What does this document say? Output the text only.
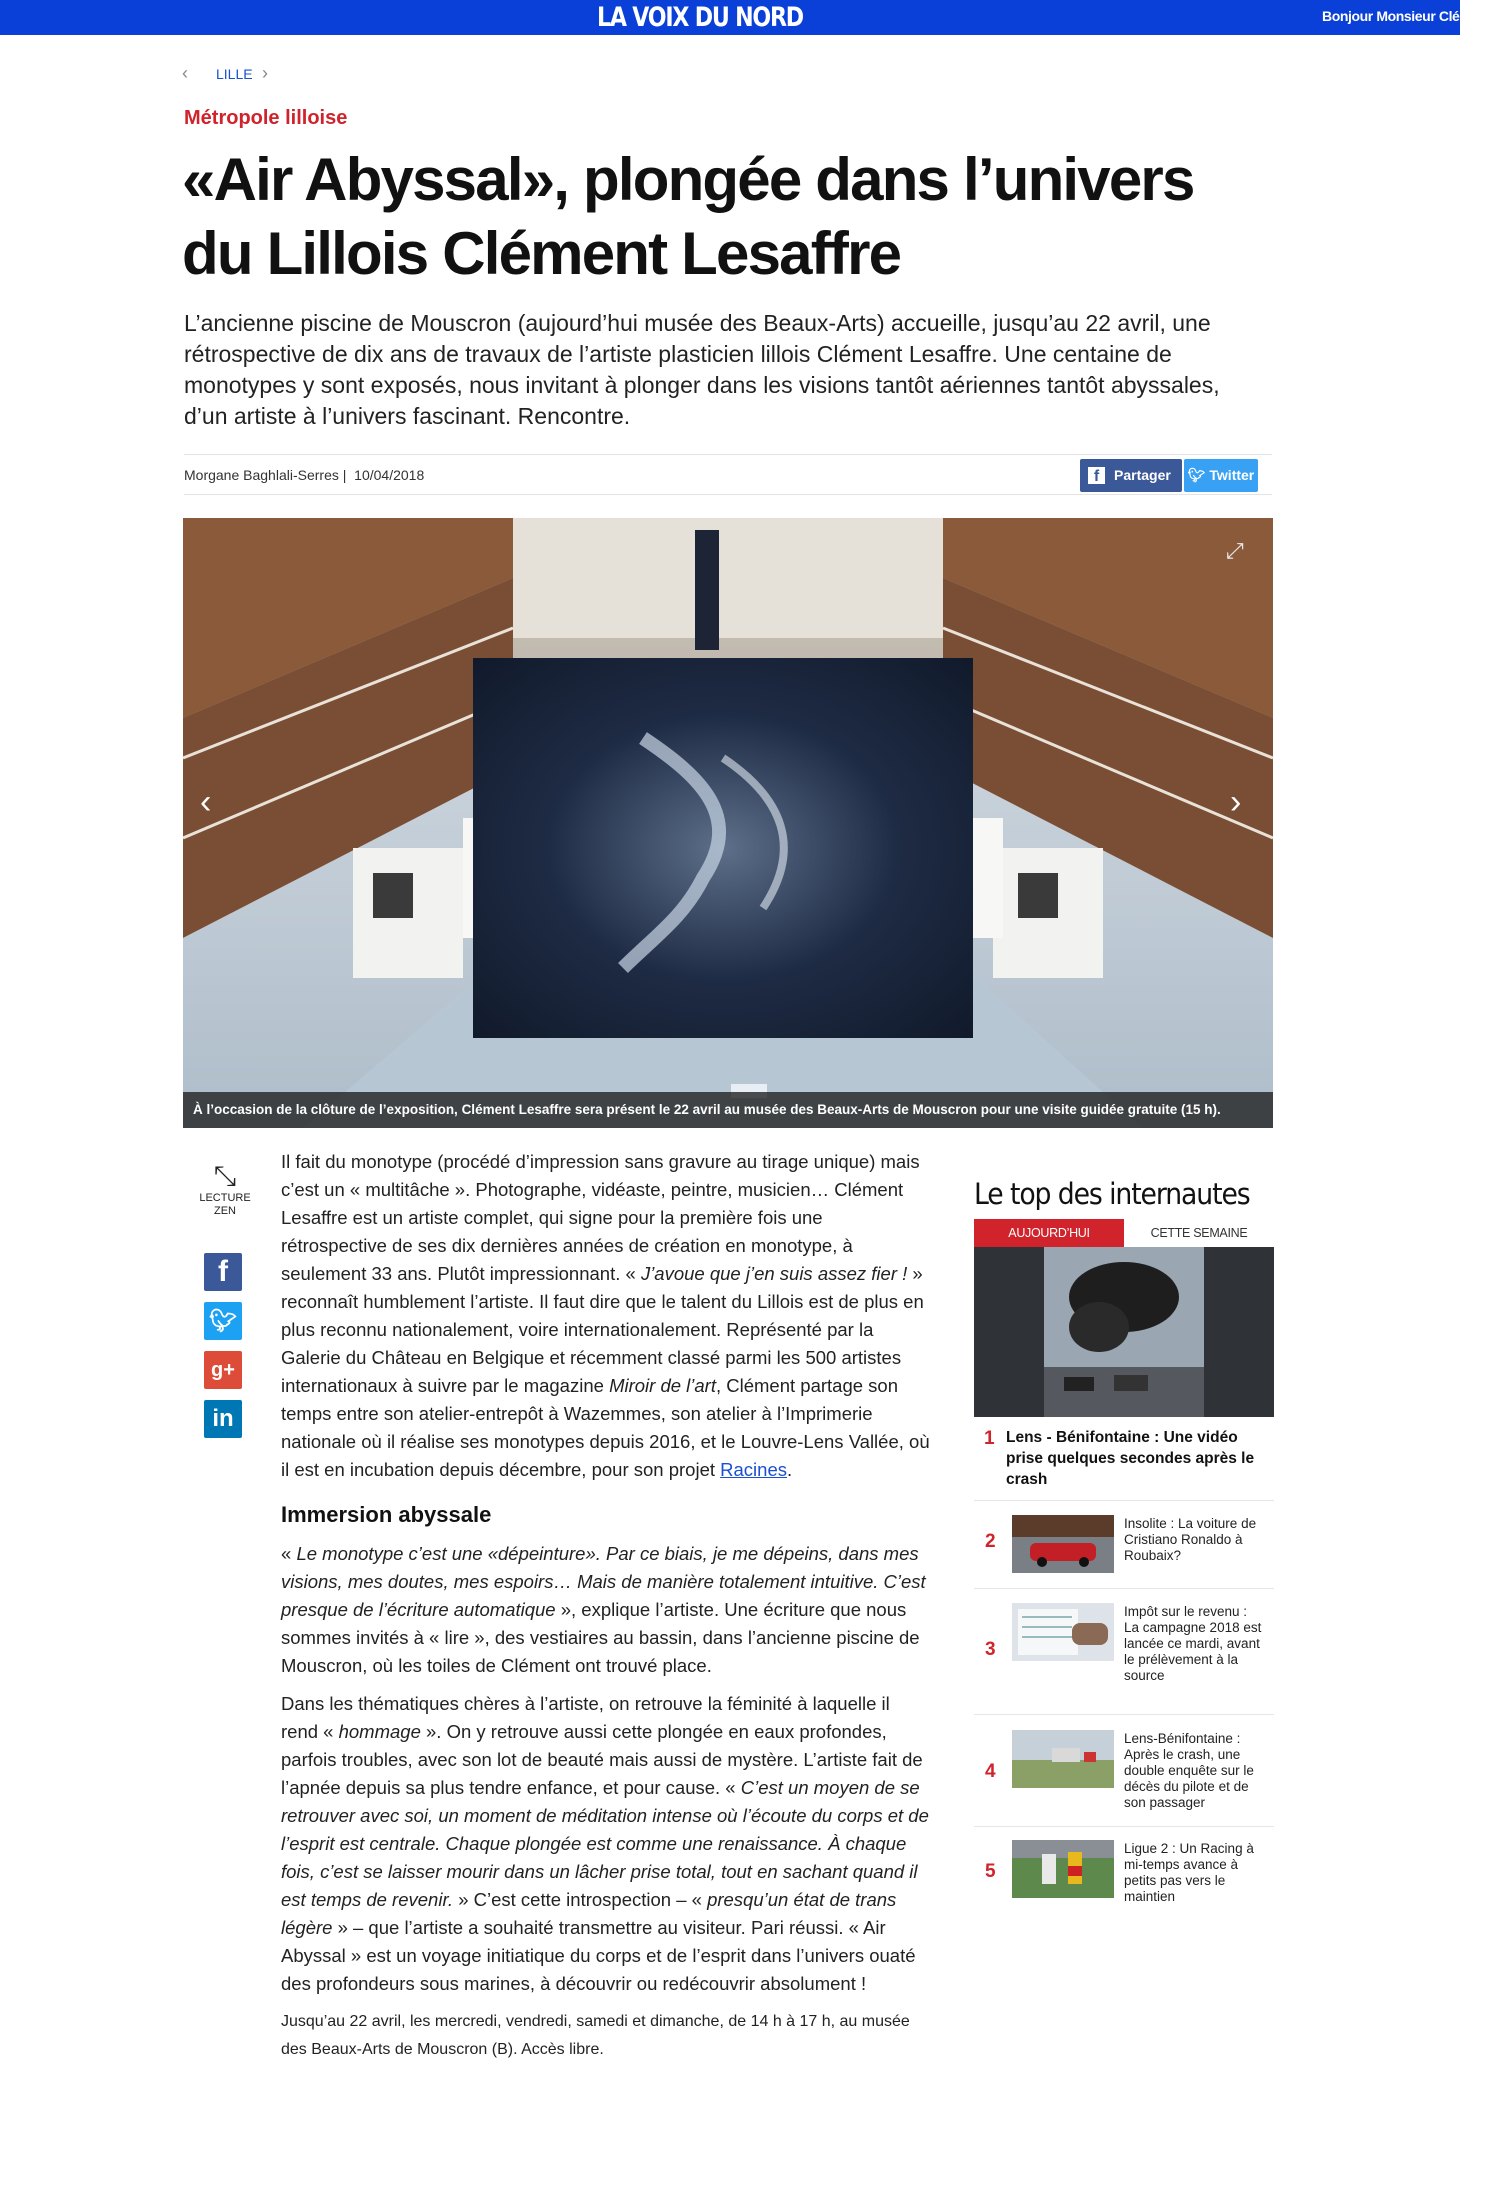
LA VOIX DU NORD	Bonjour Monsieur Clémen
‹	LILLE ›
Métropole lilloise
«Air Abyssal», plongée dans l’univers du Lillois Clément Lesaffre
L’ancienne piscine de Mouscron (aujourd’hui musée des Beaux-Arts) accueille, jusqu’au 22 avril, une rétrospective de dix ans de travaux de l’artiste plasticien lillois Clément Lesaffre. Une centaine de monotypes y sont exposés, nous invitant à plonger dans les visions tantôt aériennes tantôt abyssales, d’un artiste à l’univers fascinant. Rencontre.
Morgane Baghlali-Serres |  10/04/2018	f	Partager 🐦︎ Twitter
‹	›
⤢
À l’occasion de la clôture de l’exposition, Clément Lesaffre sera présent le 22 avril au musée des Beaux-Arts de Mouscron pour une visite guidée gratuite (15 h).
⤡
LECTURE ZEN
f
🐦︎
g+
in

Il fait du monotype (procédé d’impression sans gravure au tirage unique) mais c’est un « multitâche ». Photographe, vidéaste, peintre, musicien… Clément Lesaffre est un artiste complet, qui signe pour la première fois une rétrospective de ses dix dernières années de création en monotype, à seulement 33 ans. Plutôt impressionnant. « J’avoue que j’en suis assez fier ! » reconnaît humblement l’artiste. Il faut dire que le talent du Lillois est de plus en plus reconnu nationalement, voire internationalement. Représenté par la Galerie du Château en Belgique et récemment classé parmi les 500 artistes internationaux à suivre par le magazine Miroir de l’art, Clément partage son temps entre son atelier-entrepôt à Wazemmes, son atelier à l’Imprimerie nationale où il réalise ses monotypes depuis 2016, et le Louvre-Lens Vallée, où il est en incubation depuis décembre, pour son projet Racines.

Immersion abyssale

« Le monotype c’est une «dépeinture». Par ce biais, je me dépeins, dans mes visions, mes doutes, mes espoirs… Mais de manière totalement intuitive. C’est presque de l’écriture automatique », explique l’artiste. Une écriture que nous sommes invités à « lire », des vestiaires au bassin, dans l’ancienne piscine de Mouscron, où les toiles de Clément ont trouvé place.

Dans les thématiques chères à l’artiste, on retrouve la féminité à laquelle il rend « hommage ». On y retrouve aussi cette plongée en eaux profondes, parfois troubles, avec son lot de beauté mais aussi de mystère. L’artiste fait de l’apnée depuis sa plus tendre enfance, et pour cause. « C’est un moyen de se retrouver avec soi, un moment de méditation intense où l’écoute du corps et de l’esprit est centrale. Chaque plongée est comme une renaissance. À chaque fois, c’est se laisser mourir dans un lâcher prise total, tout en sachant quand il est temps de revenir. » C’est cette introspection – « presqu’un état de trans légère » – que l’artiste a souhaité transmettre au visiteur. Pari réussi. « Air Abyssal » est un voyage initiatique du corps et de l’esprit dans l’univers ouaté des profondeurs sous marines, à découvrir ou redécouvrir absolument !

Jusqu’au 22 avril, les mercredi, vendredi, samedi et dimanche, de 14 h à 17 h, au musée des Beaux-Arts de Mouscron (B). Accès libre.

Le top des internautes
AUJOURD’HUI	CETTE SEMAINE
1 Lens - Bénifontaine : Une vidéo prise quelques secondes après le crash
2
Insolite : La voiture de Cristiano Ronaldo à Roubaix?
3
Impôt sur le revenu : La campagne 2018 est lancée ce mardi, avant le prélèvement à la source
4
Lens-Bénifontaine : Après le crash, une double enquête sur le décès du pilote et de son passager
5
Ligue 2 : Un Racing à mi-temps avance à petits pas vers le maintien
